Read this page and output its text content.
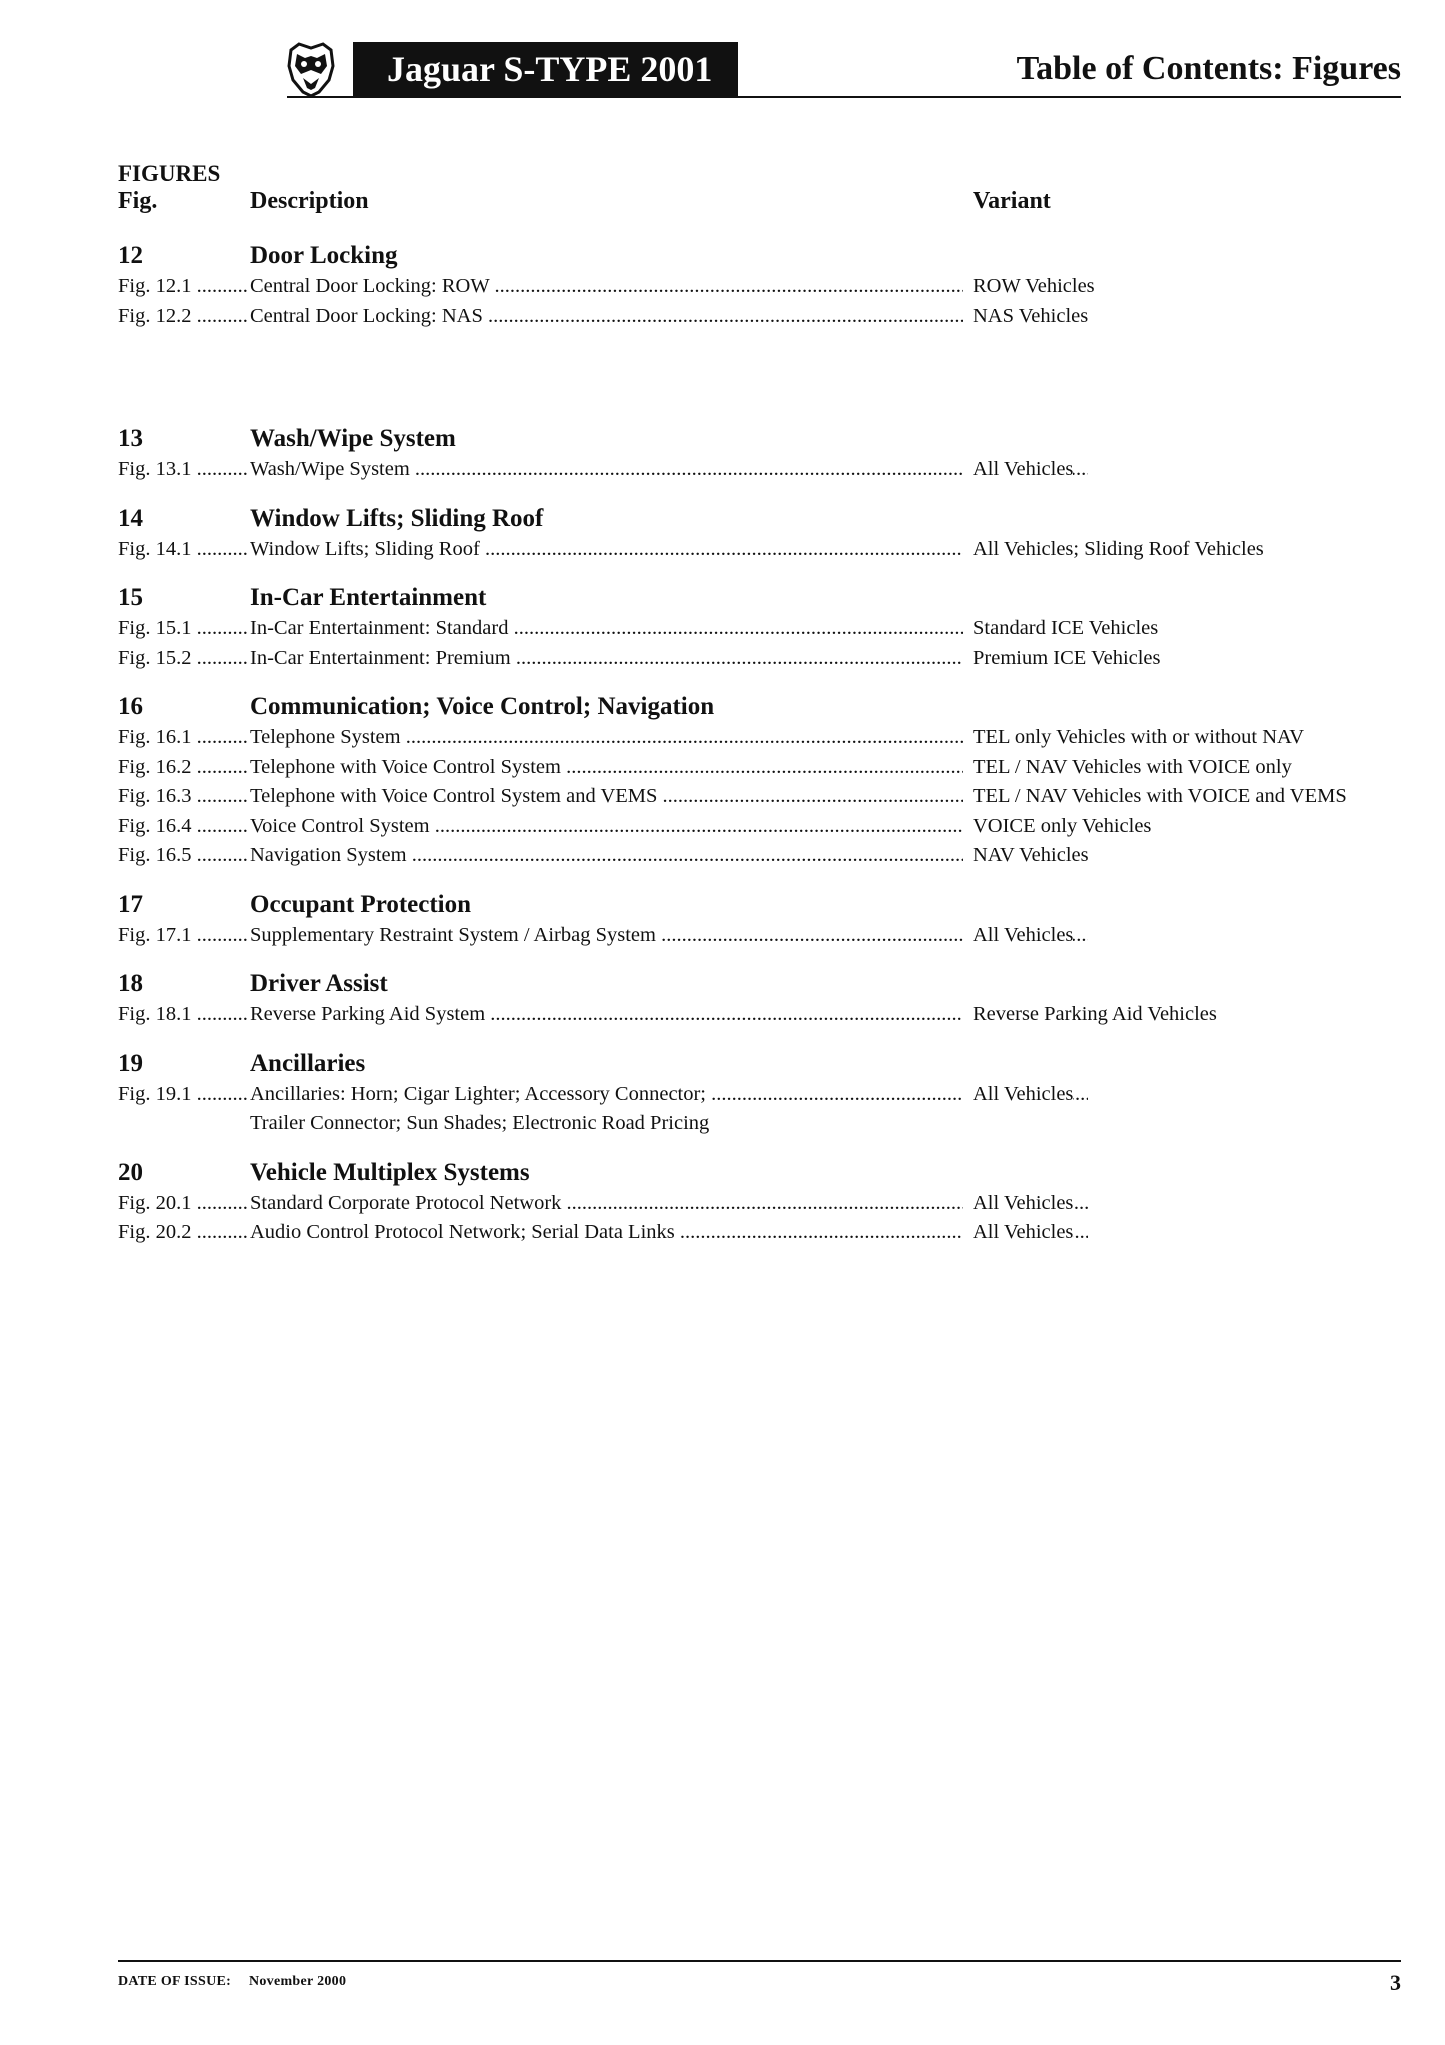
Jaguar S-TYPE 2001	Table of Contents: Figures
FIGURES
Fig.	Description	Variant
12	Door Locking
Fig. 12.1 .....	Central Door Locking: ROW .....	ROW Vehicles
Fig. 12.2 .....	Central Door Locking: NAS .....	NAS Vehicles
13	Wash/Wipe System
Fig. 13.1 .....	Wash/Wipe System .....	All Vehicles
14	Window Lifts; Sliding Roof
Fig. 14.1 .....	Window Lifts; Sliding Roof .....	All Vehicles; Sliding Roof Vehicles
15	In-Car Entertainment
Fig. 15.1 .....	In-Car Entertainment: Standard .....	Standard ICE Vehicles
Fig. 15.2 .....	In-Car Entertainment: Premium .....	Premium ICE Vehicles
16	Communication; Voice Control; Navigation
Fig. 16.1 .....	Telephone System .....	TEL only Vehicles with or without NAV
Fig. 16.2 .....	Telephone with Voice Control System .....	TEL / NAV Vehicles with VOICE only
Fig. 16.3 .....	Telephone with Voice Control System and VEMS .....	TEL / NAV Vehicles with VOICE and VEMS
Fig. 16.4 .....	Voice Control System .....	VOICE only Vehicles
Fig. 16.5 .....	Navigation System .....	NAV Vehicles
17	Occupant Protection
Fig. 17.1 .....	Supplementary Restraint System / Airbag System .....	All Vehicles
18	Driver Assist
Fig. 18.1 .....	Reverse Parking Aid System .....	Reverse Parking Aid Vehicles
19	Ancillaries
Fig. 19.1 .....	Ancillaries: Horn; Cigar Lighter; Accessory Connector; .....	All Vehicles
Trailer Connector; Sun Shades; Electronic Road Pricing
20	Vehicle Multiplex Systems
Fig. 20.1 .....	Standard Corporate Protocol Network .....	All Vehicles
Fig. 20.2 .....	Audio Control Protocol Network; Serial Data Links .....	All Vehicles
DATE OF ISSUE: November 2000	3
